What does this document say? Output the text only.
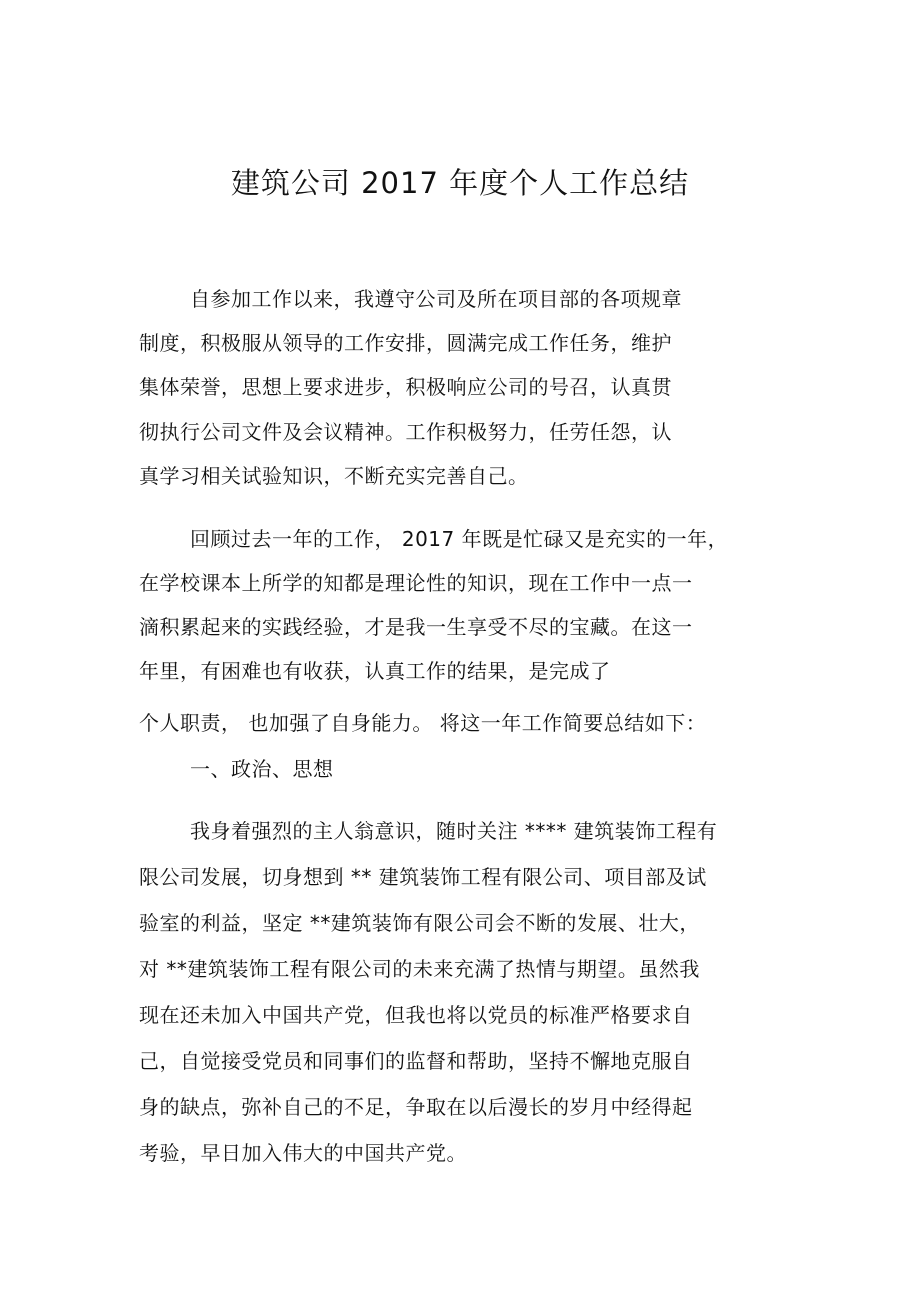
建筑公司 2017 年度个人工作总结
自参加工作以来，我遵守公司及所在项目部的各项规章
制度，积极服从领导的工作安排，圆满完成工作任务，维护
集体荣誉，思想上要求进步，积极响应公司的号召，认真贯
彻执行公司文件及会议精神。工作积极努力，任劳任怨，认
真学习相关试验知识，不断充实完善自己。
回顾过去一年的工作， 2017 年既是忙碌又是充实的一年，
在学校课本上所学的知都是理论性的知识，现在工作中一点一
滴积累起来的实践经验，才是我一生享受不尽的宝藏。在这一
年里，有困难也有收获，认真工作的结果，是完成了
个人职责， 也加强了自身能力。 将这一年工作简要总结如下：
一、政治、思想
我身着强烈的主人翁意识，随时关注 **** 建筑装饰工程有
限公司发展，切身想到 ** 建筑装饰工程有限公司、项目部及试
验室的利益，坚定 **建筑装饰有限公司会不断的发展、壮大，
对 **建筑装饰工程有限公司的未来充满了热情与期望。虽然我
现在还未加入中国共产党，但我也将以党员的标准严格要求自
己，自觉接受党员和同事们的监督和帮助，坚持不懈地克服自
身的缺点，弥补自己的不足，争取在以后漫长的岁月中经得起
考验，早日加入伟大的中国共产党。
